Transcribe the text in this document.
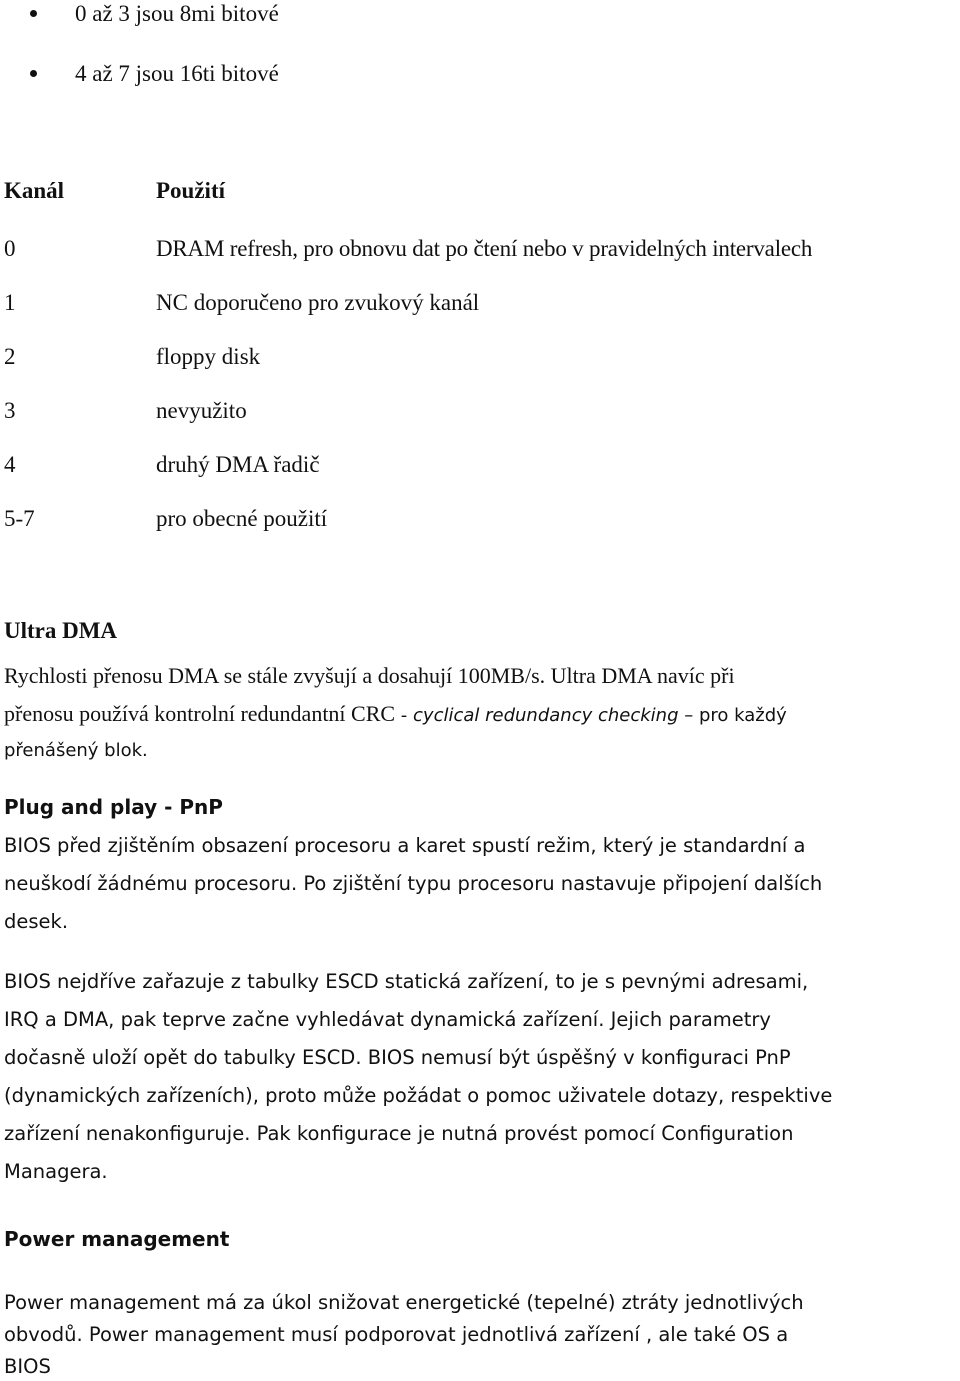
0 až 3 jsou 8mi bitové
4 až 7 jsou 16ti bitové
Kanál	Použití
0	DRAM refresh, pro obnovu dat po čtení nebo v pravidelných intervalech
1	NC doporučeno pro zvukový kanál
2	floppy disk
3	nevyužito
4	druhý DMA řadič
5-7	pro obecné použití
Ultra DMA
Rychlosti přenosu DMA se stále zvyšují a dosahují 100MB/s. Ultra DMA navíc při
přenosu používá kontrolní redundantní CRC - cyclical redundancy checking – pro každý
přenášený blok.
Plug and play - PnP
BIOS před zjištěním obsazení procesoru a karet spustí režim, který je standardní a
neuškodí žádnému procesoru. Po zjištění typu procesoru nastavuje připojení dalších
desek.
BIOS nejdříve zařazuje z tabulky ESCD statická zařízení, to je s pevnými adresami,
IRQ a DMA, pak teprve začne vyhledávat dynamická zařízení. Jejich parametry
dočasně uloží opět do tabulky ESCD. BIOS nemusí být úspěšný v konfiguraci PnP
(dynamických zařízeních), proto může požádat o pomoc uživatele dotazy, respektive
zařízení nenakonfiguruje. Pak konfigurace je nutná provést pomocí Configuration
Managera.
Power management
Power management má za úkol snižovat energetické (tepelné) ztráty jednotlivých
obvodů. Power management musí podporovat jednotlivá zařízení , ale také OS a
BIOS
